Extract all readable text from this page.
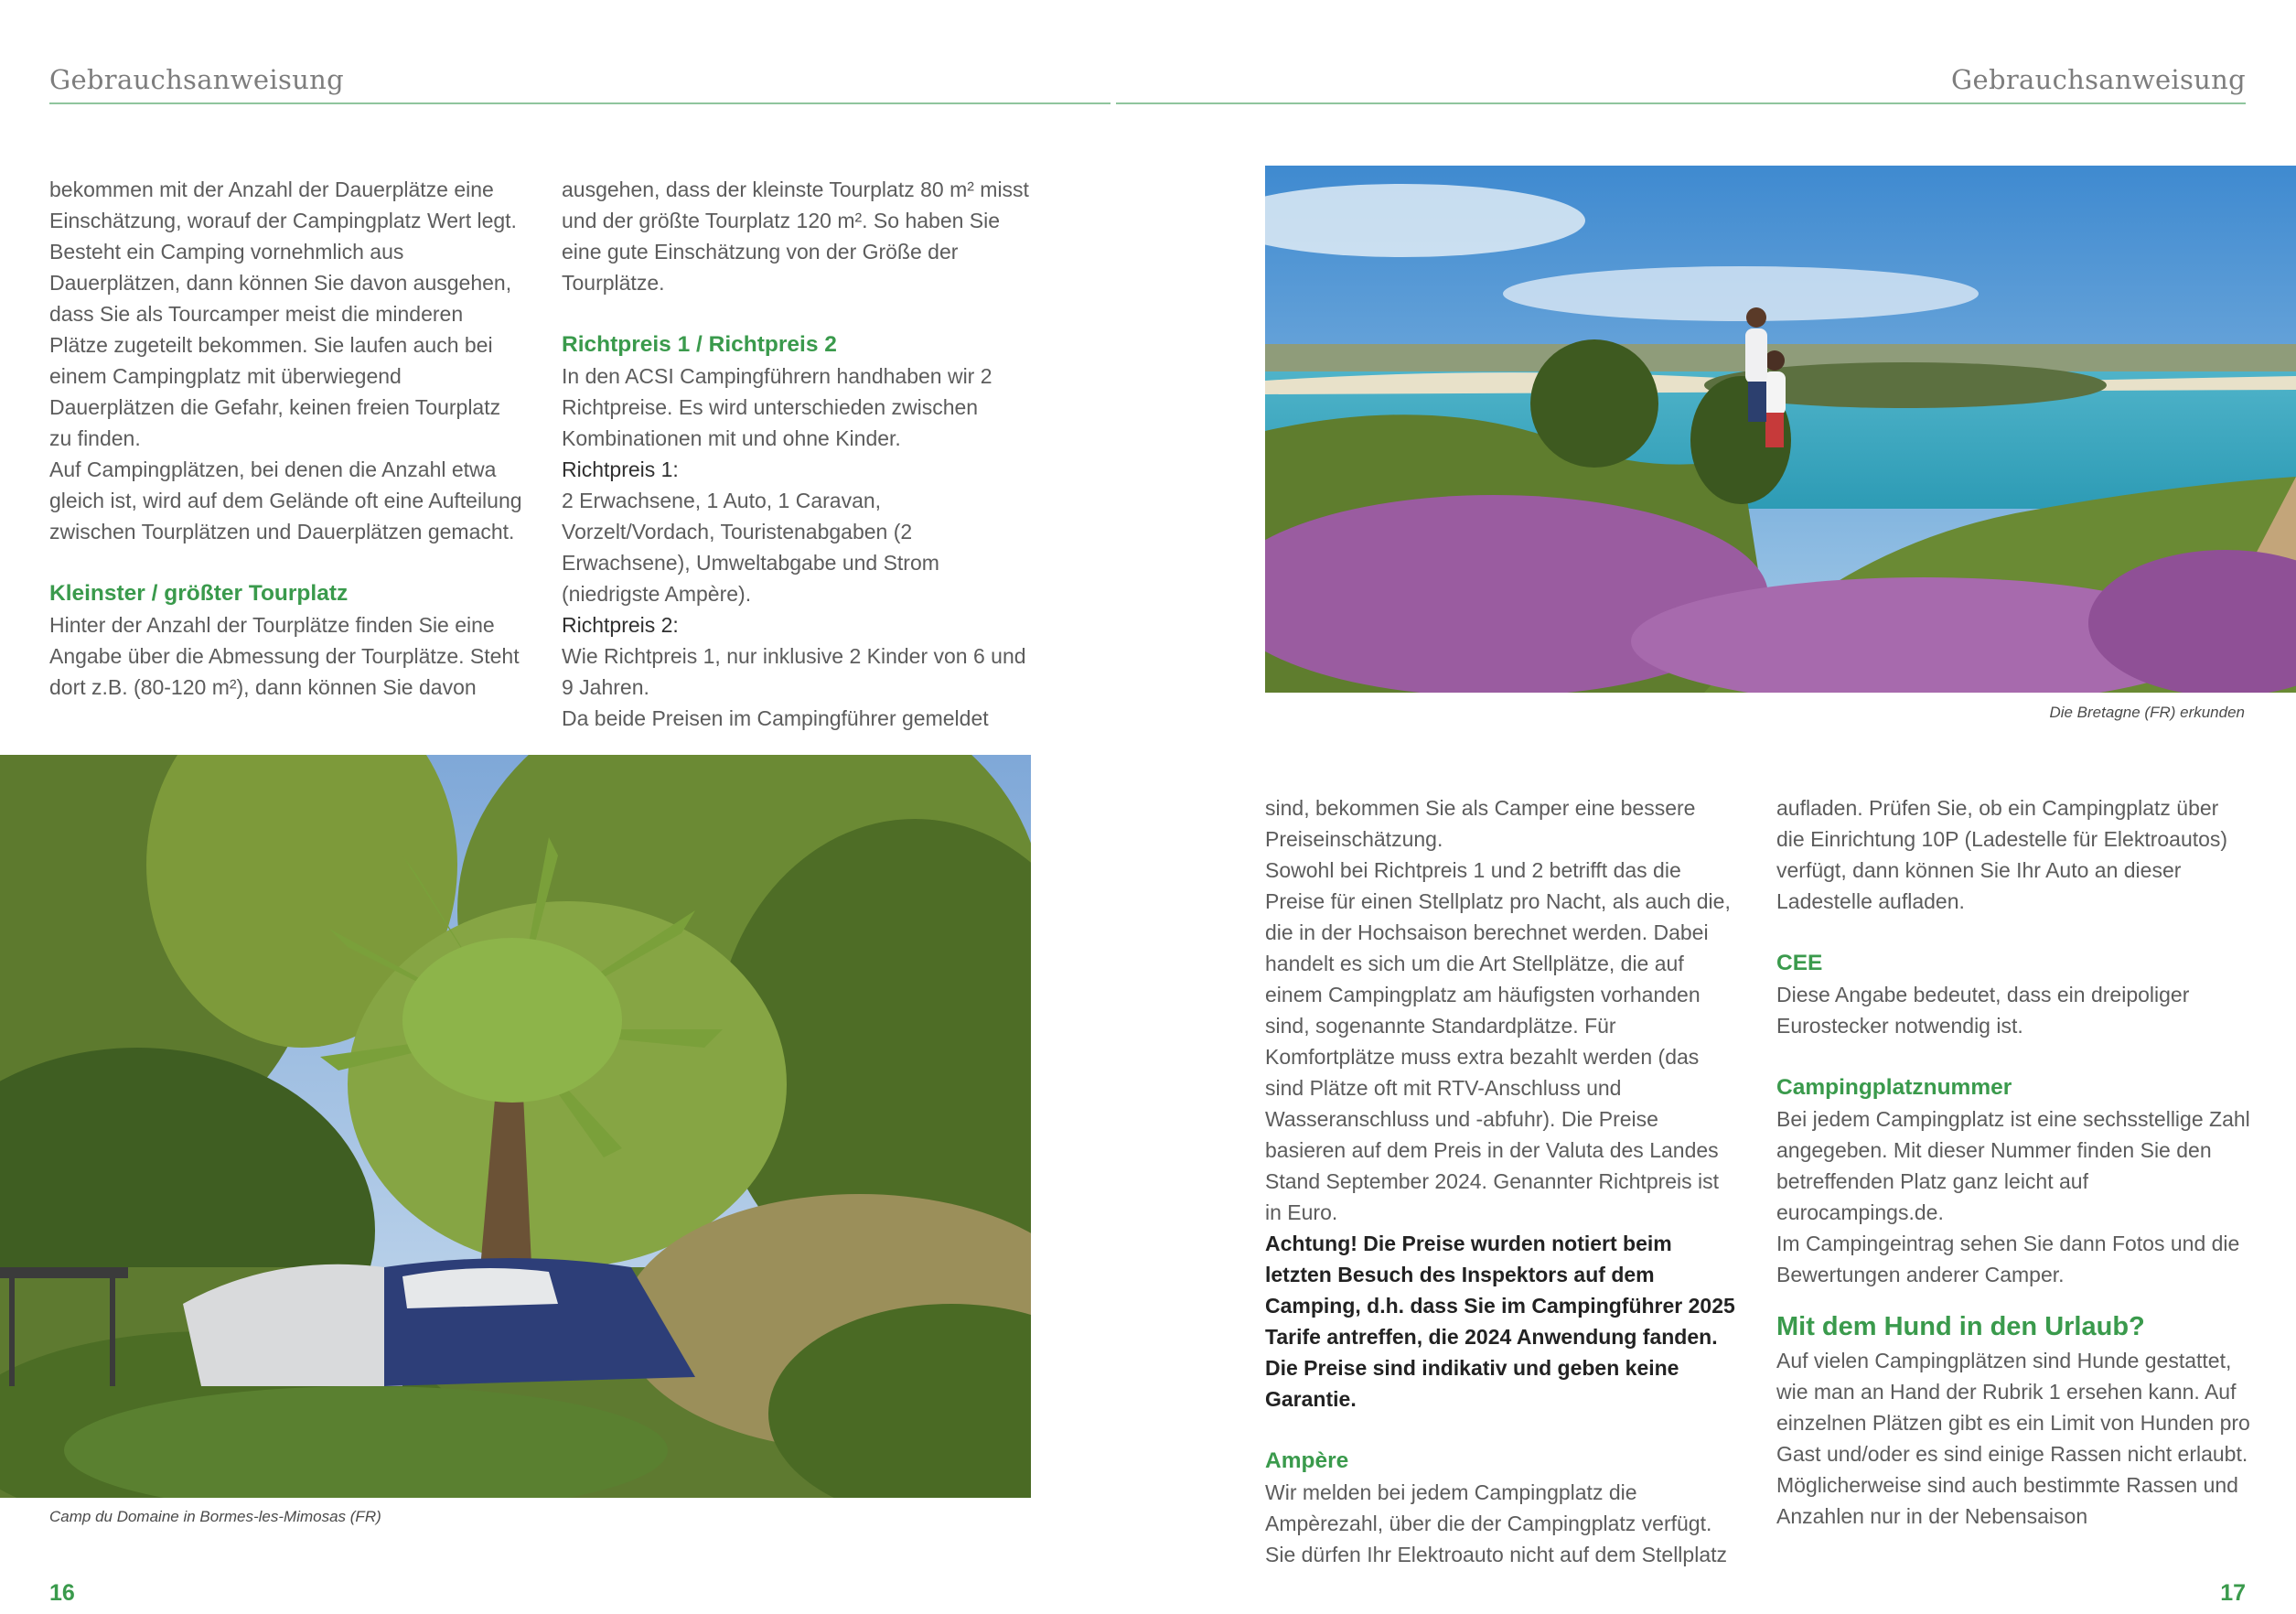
Gebrauchsanweisung

bekommen mit der Anzahl der Dauerplätze eine Einschätzung, worauf der Campingplatz Wert legt. Besteht ein Camping vornehmlich aus Dauerplätzen, dann können Sie davon ausgehen, dass Sie als Tourcamper meist die minderen Plätze zugeteilt bekommen. Sie laufen auch bei einem Campingplatz mit überwiegend Dauerplätzen die Gefahr, keinen freien Tourplatz zu finden.

Auf Campingplätzen, bei denen die Anzahl etwa gleich ist, wird auf dem Gelände oft eine Aufteilung zwischen Tourplätzen und Dauerplätzen gemacht.

Kleinster / größter Tourplatz

Hinter der Anzahl der Tourplätze finden Sie eine Angabe über die Abmessung der Tourplätze. Steht dort z.B. (80-120 m²), dann können Sie davon

ausgehen, dass der kleinste Tourplatz 80 m² misst und der größte Tourplatz 120 m². So haben Sie eine gute Einschätzung von der Größe der Tourplätze.

Richtpreis 1 / Richtpreis 2

In den ACSI Campingführern handhaben wir 2 Richtpreise. Es wird unterschieden zwischen Kombinationen mit und ohne Kinder.

Richtpreis 1:

2 Erwachsene, 1 Auto, 1 Caravan, Vorzelt/Vordach, Touristenabgaben (2 Erwachsene), Umweltabgabe und Strom (niedrigste Ampère).

Richtpreis 2:

Wie Richtpreis 1, nur inklusive 2 Kinder von 6 und 9 Jahren.

Da beide Preisen im Campingführer gemeldet

Camp du Domaine in Bormes-les-Mimosas (FR)
16
Gebrauchsanweisung
Die Bretagne (FR) erkunden

sind, bekommen Sie als Camper eine bessere Preiseinschätzung.

Sowohl bei Richtpreis 1 und 2 betrifft das die Preise für einen Stellplatz pro Nacht, als auch die, die in der Hochsaison berechnet werden. Dabei handelt es sich um die Art Stellplätze, die auf einem Campingplatz am häufigsten vorhanden sind, sogenannte Standardplätze. Für Komfortplätze muss extra bezahlt werden (das sind Plätze oft mit RTV-Anschluss und Wasseranschluss und -abfuhr). Die Preise basieren auf dem Preis in der Valuta des Landes Stand September 2024. Genannter Richtpreis ist in Euro.

Achtung! Die Preise wurden notiert beim letzten Besuch des Inspektors auf dem Camping, d.h. dass Sie im Campingführer 2025 Tarife antreffen, die 2024 Anwendung fanden. Die Preise sind indikativ und geben keine Garantie.

Ampère

Wir melden bei jedem Campingplatz die Ampèrezahl, über die der Campingplatz verfügt. Sie dürfen Ihr Elektroauto nicht auf dem Stellplatz

aufladen. Prüfen Sie, ob ein Campingplatz über die Einrichtung 10P (Ladestelle für Elektroautos) verfügt, dann können Sie Ihr Auto an dieser Ladestelle aufladen.

CEE

Diese Angabe bedeutet, dass ein dreipoliger Eurostecker notwendig ist.

Campingplatznummer

Bei jedem Campingplatz ist eine sechsstellige Zahl angegeben. Mit dieser Nummer finden Sie den betreffenden Platz ganz leicht auf eurocampings.de.

Im Campingeintrag sehen Sie dann Fotos und die Bewertungen anderer Camper.

Mit dem Hund in den Urlaub?

Auf vielen Campingplätzen sind Hunde gestattet, wie man an Hand der Rubrik 1 ersehen kann. Auf einzelnen Plätzen gibt es ein Limit von Hunden pro Gast und/oder es sind einige Rassen nicht erlaubt. Möglicherweise sind auch bestimmte Rassen und Anzahlen nur in der Nebensaison

17
